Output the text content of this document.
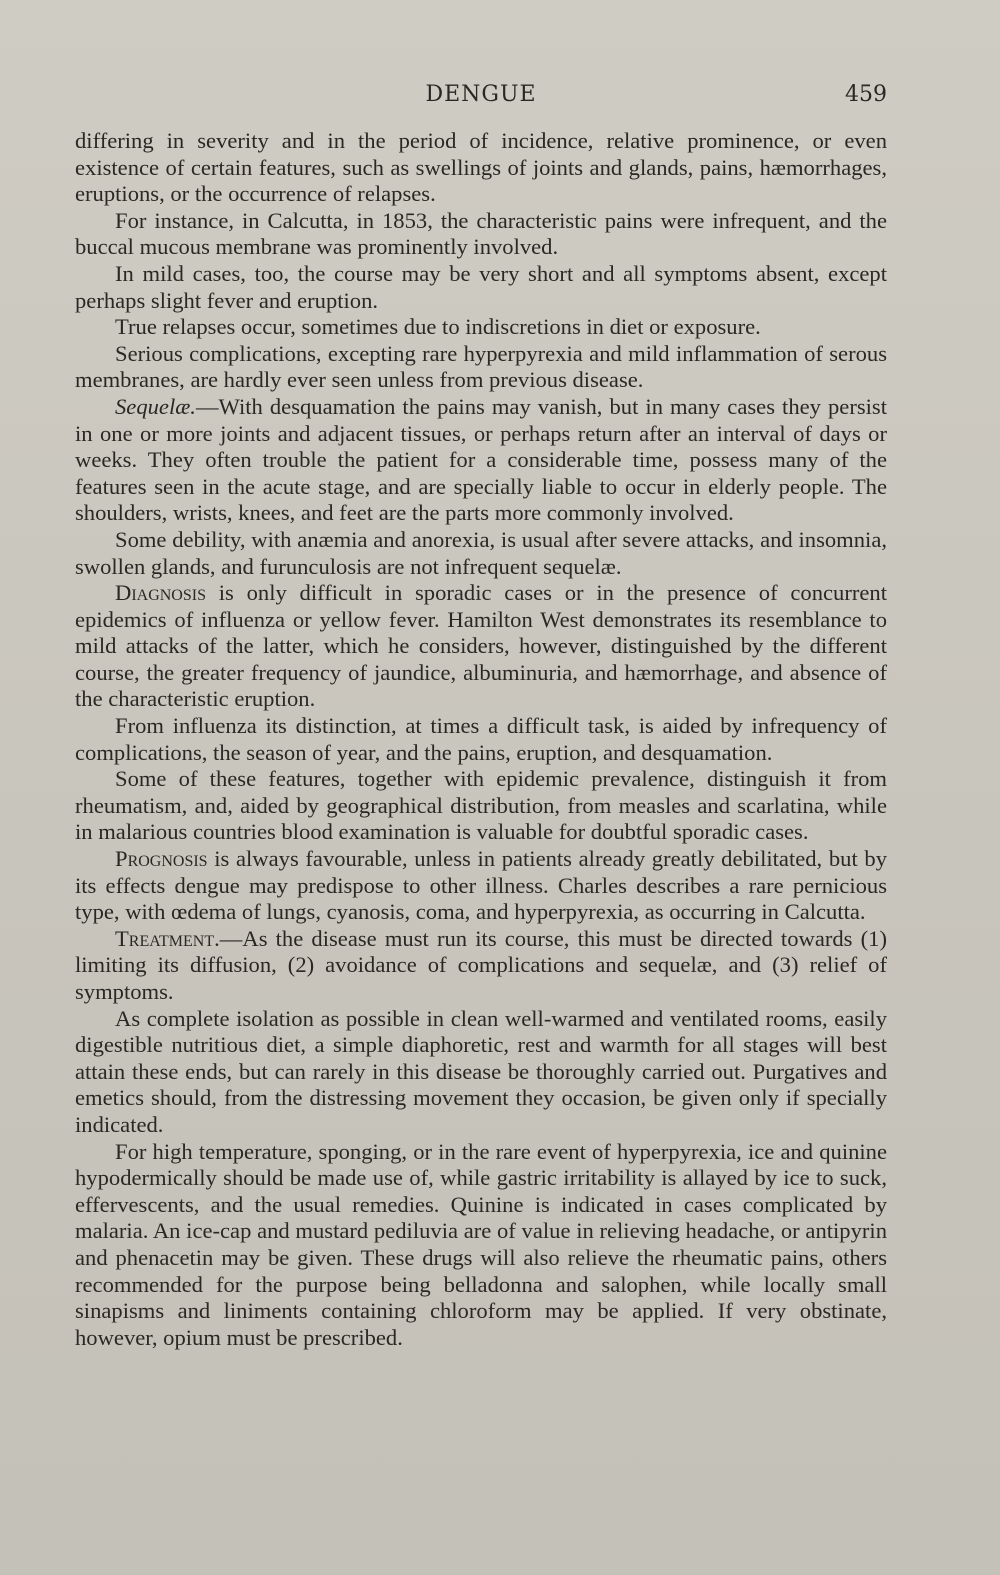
DENGUE	459

differing in severity and in the period of incidence, relative prominence, or even existence of certain features, such as swellings of joints and glands, pains, hæmorrhages, eruptions, or the occurrence of relapses.

For instance, in Calcutta, in 1853, the characteristic pains were infrequent, and the buccal mucous membrane was prominently involved.

In mild cases, too, the course may be very short and all symptoms absent, except perhaps slight fever and eruption.

True relapses occur, sometimes due to indiscretions in diet or exposure.

Serious complications, excepting rare hyperpyrexia and mild inflammation of serous membranes, are hardly ever seen unless from previous disease.

Sequelæ.—With desquamation the pains may vanish, but in many cases they persist in one or more joints and adjacent tissues, or perhaps return after an interval of days or weeks. They often trouble the patient for a considerable time, possess many of the features seen in the acute stage, and are specially liable to occur in elderly people. The shoulders, wrists, knees, and feet are the parts more commonly involved.

Some debility, with anæmia and anorexia, is usual after severe attacks, and insomnia, swollen glands, and furunculosis are not infrequent sequelæ.

Diagnosis is only difficult in sporadic cases or in the presence of concurrent epidemics of influenza or yellow fever. Hamilton West demonstrates its resemblance to mild attacks of the latter, which he considers, however, distinguished by the different course, the greater frequency of jaundice, albuminuria, and hæmorrhage, and absence of the characteristic eruption.

From influenza its distinction, at times a difficult task, is aided by infrequency of complications, the season of year, and the pains, eruption, and desquamation.

Some of these features, together with epidemic prevalence, distinguish it from rheumatism, and, aided by geographical distribution, from measles and scarlatina, while in malarious countries blood examination is valuable for doubtful sporadic cases.

Prognosis is always favourable, unless in patients already greatly debilitated, but by its effects dengue may predispose to other illness. Charles describes a rare pernicious type, with œdema of lungs, cyanosis, coma, and hyperpyrexia, as occurring in Calcutta.

Treatment.—As the disease must run its course, this must be directed towards (1) limiting its diffusion, (2) avoidance of complications and sequelæ, and (3) relief of symptoms.

As complete isolation as possible in clean well-warmed and ventilated rooms, easily digestible nutritious diet, a simple diaphoretic, rest and warmth for all stages will best attain these ends, but can rarely in this disease be thoroughly carried out. Purgatives and emetics should, from the distressing movement they occasion, be given only if specially indicated.

For high temperature, sponging, or in the rare event of hyperpyrexia, ice and quinine hypodermically should be made use of, while gastric irritability is allayed by ice to suck, effervescents, and the usual remedies. Quinine is indicated in cases complicated by malaria. An ice-cap and mustard pediluvia are of value in relieving headache, or antipyrin and phenacetin may be given. These drugs will also relieve the rheumatic pains, others recommended for the purpose being belladonna and salophen, while locally small sinapisms and liniments containing chloroform may be applied. If very obstinate, however, opium must be prescribed.
